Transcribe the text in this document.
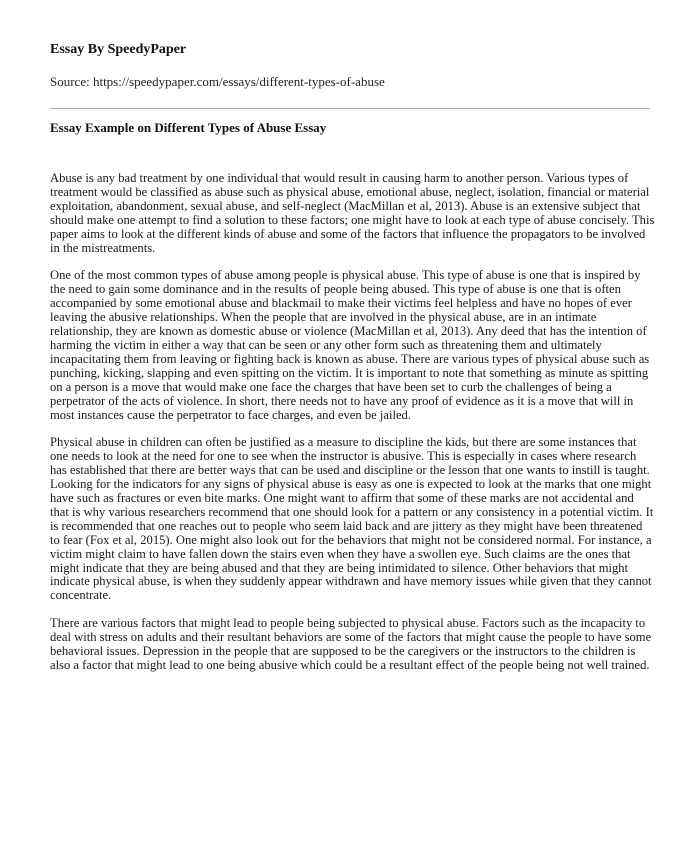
Essay By SpeedyPaper
Source: https://speedypaper.com/essays/different-types-of-abuse
Essay Example on Different Types of Abuse Essay

Abuse is any bad treatment by one individual that would result in causing harm to another person. Various types of treatment would be classified as abuse such as physical abuse, emotional abuse, neglect, isolation, financial or material exploitation, abandonment, sexual abuse, and self-neglect (MacMillan et al, 2013). Abuse is an extensive subject that should make one attempt to find a solution to these factors; one might have to look at each type of abuse concisely. This paper aims to look at the different kinds of abuse and some of the factors that influence the propagators to be involved in the mistreatments.

One of the most common types of abuse among people is physical abuse. This type of abuse is one that is inspired by the need to gain some dominance and in the results of people being abused. This type of abuse is one that is often accompanied by some emotional abuse and blackmail to make their victims feel helpless and have no hopes of ever leaving the abusive relationships. When the people that are involved in the physical abuse, are in an intimate relationship, they are known as domestic abuse or violence (MacMillan et al, 2013). Any deed that has the intention of harming the victim in either a way that can be seen or any other form such as threatening them and ultimately incapacitating them from leaving or fighting back is known as abuse. There are various types of physical abuse such as punching, kicking, slapping and even spitting on the victim. It is important to note that something as minute as spitting on a person is a move that would make one face the charges that have been set to curb the challenges of being a perpetrator of the acts of violence. In short, there needs not to have any proof of evidence as it is a move that will in most instances cause the perpetrator to face charges, and even be jailed.

Physical abuse in children can often be justified as a measure to discipline the kids, but there are some instances that one needs to look at the need for one to see when the instructor is abusive. This is especially in cases where research has established that there are better ways that can be used and discipline or the lesson that one wants to instill is taught. Looking for the indicators for any signs of physical abuse is easy as one is expected to look at the marks that one might have such as fractures or even bite marks. One might want to affirm that some of these marks are not accidental and that is why various researchers recommend that one should look for a pattern or any consistency in a potential victim. It is recommended that one reaches out to people who seem laid back and are jittery as they might have been threatened to fear (Fox et al, 2015). One might also look out for the behaviors that might not be considered normal. For instance, a victim might claim to have fallen down the stairs even when they have a swollen eye. Such claims are the ones that might indicate that they are being abused and that they are being intimidated to silence. Other behaviors that might indicate physical abuse, is when they suddenly appear withdrawn and have memory issues while given that they cannot concentrate.

There are various factors that might lead to people being subjected to physical abuse. Factors such as the incapacity to deal with stress on adults and their resultant behaviors are some of the factors that might cause the people to have some behavioral issues. Depression in the people that are supposed to be the caregivers or the instructors to the children is also a factor that might lead to one being abusive which could be a resultant effect of the people being not well trained.
